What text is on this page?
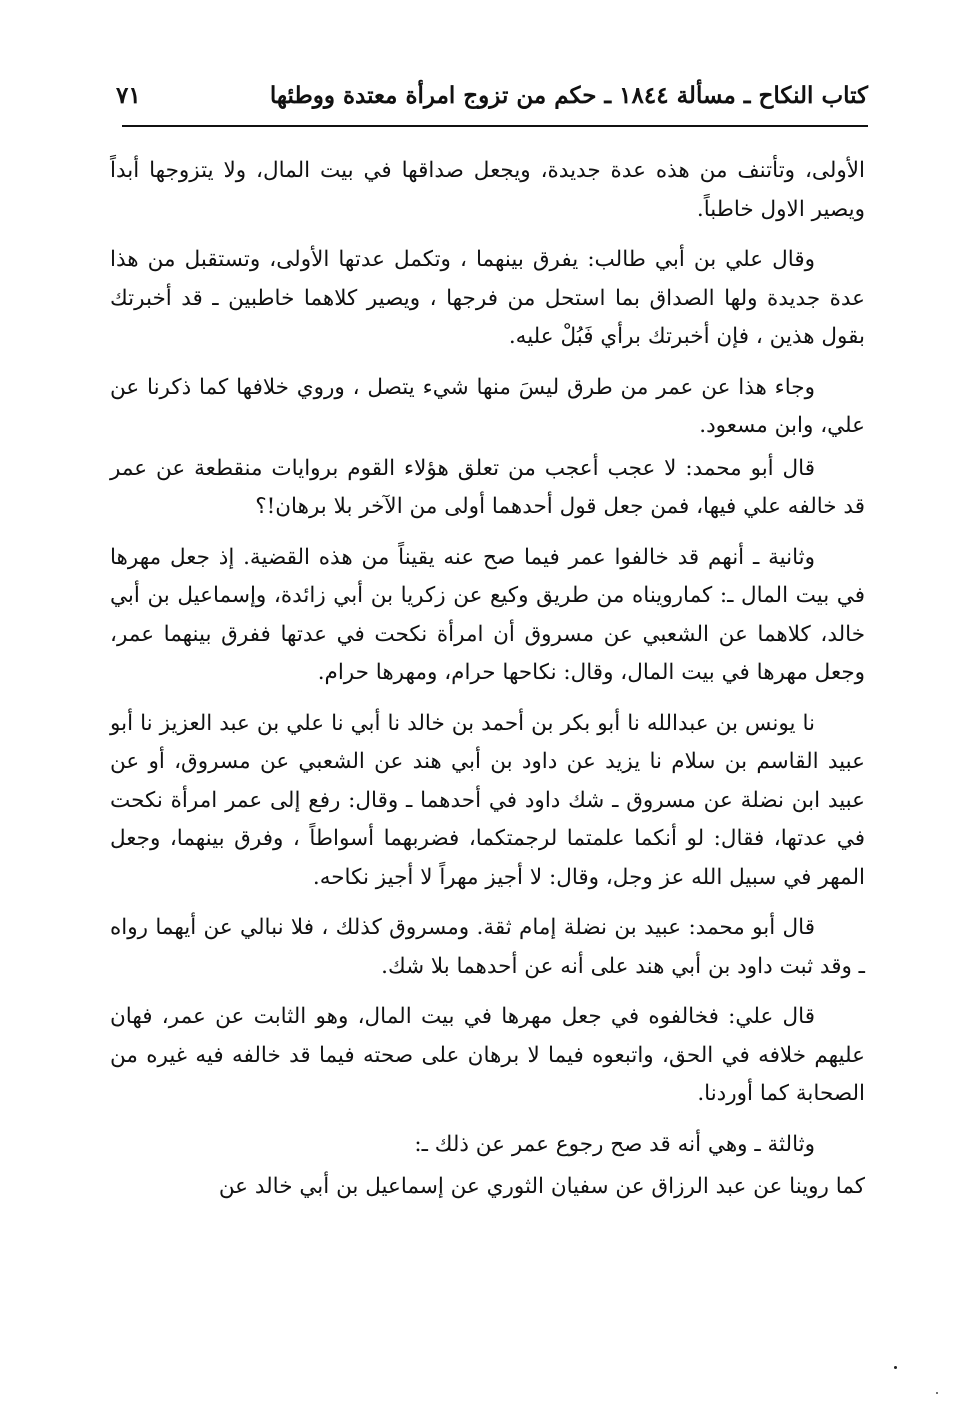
كتاب النكاح ـ مسألة ١٨٤٤ ـ حكم من تزوج امرأة معتدة ووطئها
٧١

الأولى، وتأتنف من هذه عدة جديدة، ويجعل صداقها في بيت المال، ولا يتزوجها أبداً ويصير الاول خاطباً.

وقال علي بن أبي طالب: يفرق بينهما ، وتكمل عدتها الأولى، وتستقبل من هذا عدة جديدة ولها الصداق بما استحل من فرجها ، ويصير كلاهما خاطبين ـ قد أخبرتك بقول هذين ، فإن أخبرتك برأي فَبُلْ عليه.

وجاء هذا عن عمر من طرق ليسَ منها شيء يتصل ، وروي خلافها كما ذكرنا عن علي، وابن مسعود.

قال أبو محمد: لا عجب أعجب من تعلق هؤلاء القوم بروايات منقطعة عن عمر قد خالفه علي فيها، فمن جعل قول أحدهما أولى من الآخر بلا برهان!؟

وثانية ـ أنهم قد خالفوا عمر فيما صح عنه يقيناً من هذه القضية. إذ جعل مهرها في بيت المال ـ: كمارويناه من طريق وكيع عن زكريا بن أبي زائدة، وإسماعيل بن أبي خالد، كلاهما عن الشعبي عن مسروق أن امرأة نكحت في عدتها ففرق بينهما عمر، وجعل مهرها في بيت المال، وقال: نكاحها حرام، ومهرها حرام.

نا يونس بن عبدالله نا أبو بكر بن أحمد بن خالد نا أبي نا علي بن عبد العزيز نا أبو عبيد القاسم بن سلام نا يزيد عن داود بن أبي هند عن الشعبي عن مسروق، أو عن عبيد ابن نضلة عن مسروق ـ شك داود في أحدهما ـ وقال: رفع إلى عمر امرأة نكحت في عدتها، فقال: لو أنكما علمتما لرجمتكما، فضربهما أسواطاً ، وفرق بينهما، وجعل المهر في سبيل الله عز وجل، وقال: لا أجيز مهراً لا أجيز نكاحه.

قال أبو محمد: عبيد بن نضلة إمام ثقة. ومسروق كذلك ، فلا نبالي عن أيهما رواه ـ وقد ثبت داود بن أبي هند على أنه عن أحدهما بلا شك.

قال علي: فخالفوه في جعل مهرها في بيت المال، وهو الثابت عن عمر، فهان عليهم خلافه في الحق، واتبعوه فيما لا برهان على صحته فيما قد خالفه فيه غيره من الصحابة كما أوردنا.

وثالثة ـ وهي أنه قد صح رجوع عمر عن ذلك ـ:

كما روينا عن عبد الرزاق عن سفيان الثوري عن إسماعيل بن أبي خالد عن
